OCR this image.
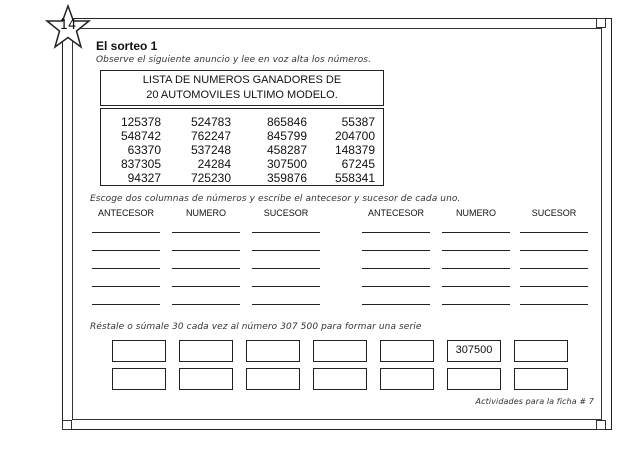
14
El sorteo 1
Observe el siguiente anuncio y lee en voz alta los números.
LISTA DE NUMEROS GANADORES DE
20 AUTOMOVILES ULTIMO MODELO.
125378	524783	865846	55387
548742	762247	845799	204700
63370	537248	458287	148379
837305	24284	307500	67245
94327	725230	359876	558341
Escoge dos columnas de números y escribe el antecesor y sucesor de cada uno.
ANTECESOR	NUMERO	SUCESOR	ANTECESOR	NUMERO	SUCESOR
Réstale o súmale 30 cada vez al número 307 500 para formar una serie
307500
Actividades para la ficha # 7
